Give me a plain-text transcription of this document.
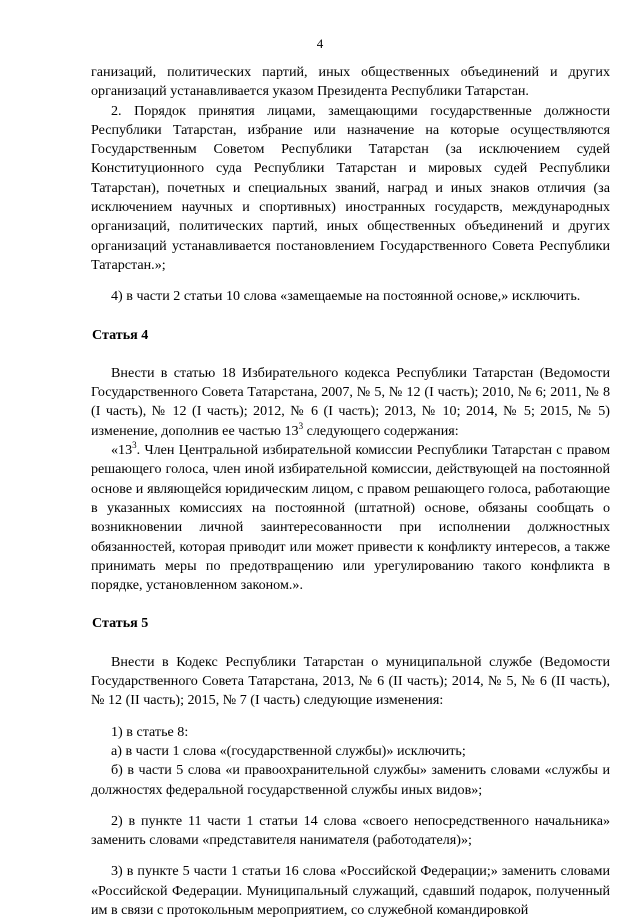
4

ганизаций, политических партий, иных общественных объединений и других организаций устанавливается указом Президента Республики Татарстан.

2. Порядок принятия лицами, замещающими государственные должности Республики Татарстан, избрание или назначение на которые осуществляются Государственным Советом Республики Татарстан (за исключением судей Конституционного суда Республики Татарстан и мировых судей Республики Татарстан), почетных и специальных званий, наград и иных знаков отличия (за исключением научных и спортивных) иностранных государств, международных организаций, политических партий, иных общественных объединений и других организаций устанавливается постановлением Государственного Совета Республики Татарстан.»;

4) в части 2 статьи 10 слова «замещаемые на постоянной основе,» исключить.

Статья 4

Внести в статью 18 Избирательного кодекса Республики Татарстан (Ведомости Государственного Совета Татарстана, 2007, № 5, № 12 (I часть); 2010, № 6; 2011, № 8 (I часть), № 12 (I часть); 2012, № 6 (I часть); 2013, № 10; 2014, № 5; 2015, № 5) изменение, дополнив ее частью $13^3$ следующего содержания:

«$13^3$. Член Центральной избирательной комиссии Республики Татарстан с правом решающего голоса, член иной избирательной комиссии, действующей на постоянной основе и являющейся юридическим лицом, с правом решающего голоса, работающие в указанных комиссиях на постоянной (штатной) основе, обязаны сообщать о возникновении личной заинтересованности при исполнении должностных обязанностей, которая приводит или может привести к конфликту интересов, а также принимать меры по предотвращению или урегулированию такого конфликта в порядке, установленном законом.».

Статья 5

Внести в Кодекс Республики Татарстан о муниципальной службе (Ведомости Государственного Совета Татарстана, 2013, № 6 (II часть); 2014, № 5, № 6 (II часть), № 12 (II часть); 2015, № 7 (I часть) следующие изменения:

1) в статье 8:

а) в части 1 слова «(государственной службы)» исключить;

б) в части 5 слова «и правоохранительной службы» заменить словами «службы и должностях федеральной государственной службы иных видов»;

2) в пункте 11 части 1 статьи 14 слова «своего непосредственного начальника» заменить словами «представителя нанимателя (работодателя)»;

3) в пункте 5 части 1 статьи 16 слова «Российской Федерации;» заменить словами «Российской Федерации. Муниципальный служащий, сдавший подарок, полученный им в связи с протокольным мероприятием, со служебной командировкой
